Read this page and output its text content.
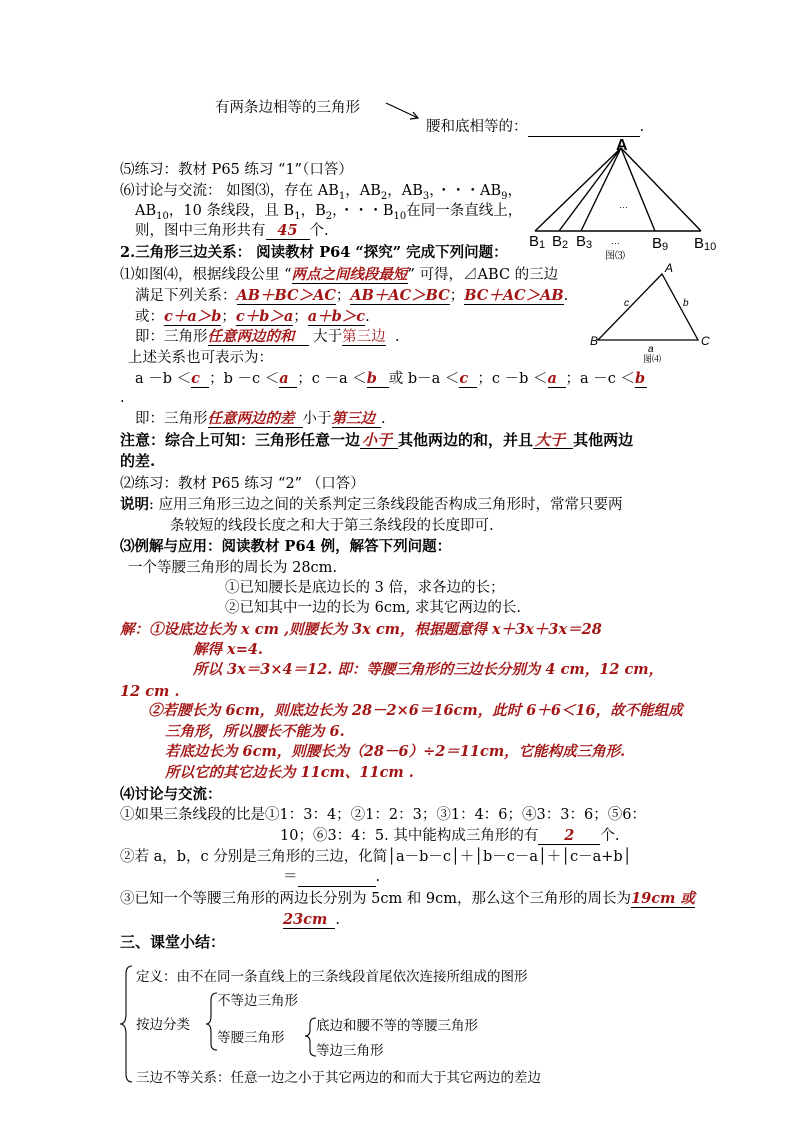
有两条边相等的三角形
腰和底相等的：	.
⑸练习：教材 P65 练习 “1”（口答）
⑹讨论与交流： 如图⑶，存在 $AB_1$，$AB_2$，$AB_3$，・・・$AB_9$，
$AB_{10}$，10 条线段，且 $B_1$，$B_2$，・・・$B_{10}$在同一条直线上，
则，图中三角形共有 45 个.
A
…
…
B1 B2 B3	B9 B10
图⑶
2.三角形三边关系： 阅读教材 P64 “探究” 完成下列问题：
⑴如图⑷，根据线段公里 “两点之间线段最短” 可得，⊿ABC 的三边
满足下列关系：AB＋BC＞AC；AB＋AC＞BC；BC＋AC＞AB.
或：c＋a＞b；c＋b＞a；a＋b＞c.
即：三角形任意两边的和 大于第三边  .
A
B	C
b
c
a
图⑷
上述关系也可表示为：
a －b ＜c ；b －c ＜a ；c －a ＜b 或 b－a ＜c ；c －b ＜a ；a －c ＜b
.
即：三角形任意两边的差 小于第三边 .
注意：综合上可知：三角形任意一边 小于 其他两边的和，并且 大于 其他两边
的差.
⑵练习：教材 P65 练习 “2” （口答）
说明: 应用三角形三边之间的关系判定三条线段能否构成三角形时，常常只要两
条较短的线段长度之和大于第三条线段的长度即可.
⑶例解与应用：阅读教材 P64 例，解答下列问题：
一个等腰三角形的周长为 28cm.
①已知腰长是底边长的 3 倍，求各边的长；
②已知其中一边的长为 6cm, 求其它两边的长.
解：①设底边长为 x cm ,则腰长为 3x cm，根据题意得 x＋3x＋3x＝28
解得 x=4.
所以 3x＝3×4＝12. 即：等腰三角形的三边长分别为 4 cm，12 cm，
12 cm .
②若腰长为 6cm，则底边长为 28－2×6＝16cm，此时 6＋6＜16，故不能组成
三角形，所以腰长不能为 6.
若底边长为 6cm，则腰长为（28－6）÷2＝11cm，它能构成三角形.
所以它的其它边长为 11cm、11cm .
⑷讨论与交流：
①如果三条线段的比是①1：3：4；②1：2：3；③1：4：6；④3：3：6；⑤6：
10；⑥3：4：5. 其中能构成三角形的有 2 个.
②若 a，b，c 分别是三角形的三边，化简│a－b－c│＋│b－c－a│＋│c－a+b│
＝	.
③已知一个等腰三角形的两边长分别为 5cm 和 9cm，那么这个三角形的周长为19cm 或
23cm .
三、课堂小结：
定义：由不在同一条直线上的三条线段首尾依次连接所组成的图形
不等边三角形
按边分类
等腰三角形
底边和腰不等的等腰三角形
等边三角形
三边不等关系：任意一边之小于其它两边的和而大于其它两边的差边
